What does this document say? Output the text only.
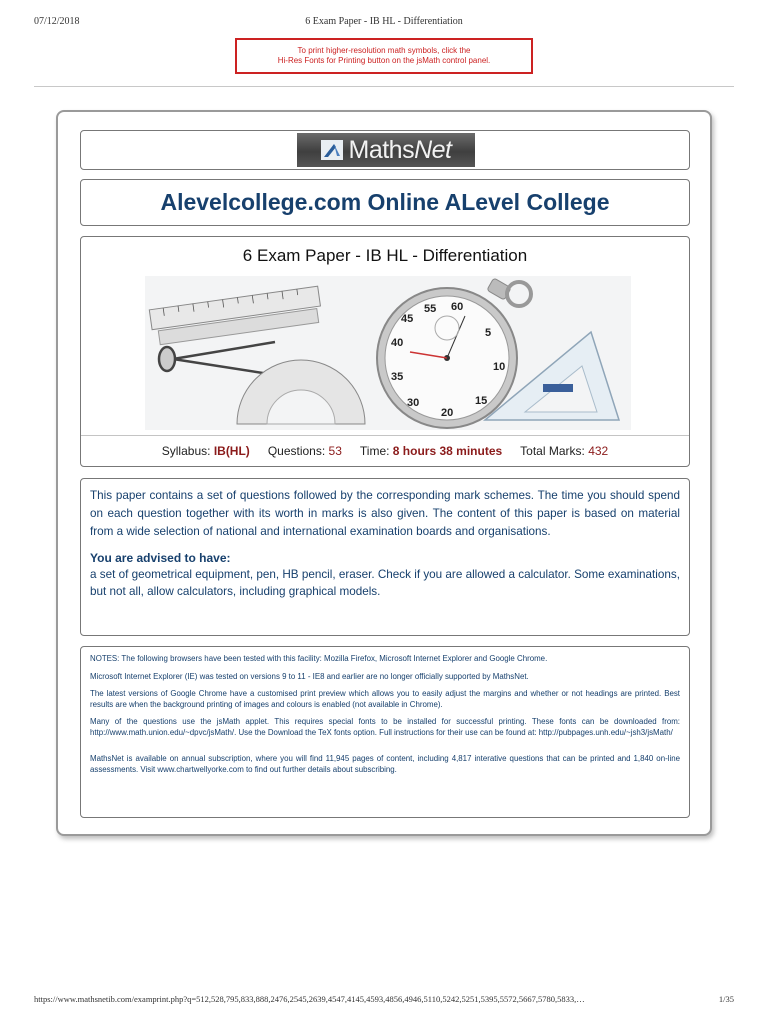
07/12/2018	6 Exam Paper - IB HL - Differentiation
To print higher-resolution math symbols, click the
Hi-Res Fonts for Printing button on the jsMath control panel.
MathsNet
Alevelcollege.com Online ALevel College
6 Exam Paper - IB HL - Differentiation
55 60
5
10
15
20
30
35
40
45
Syllabus: IB(HL) Questions: 53 Time: 8 hours 38 minutes Total Marks: 432

This paper contains a set of questions followed by the corresponding mark schemes. The time you should spend on each question together with its worth in marks is also given. The content of this paper is based on material from a wide selection of national and international examination boards and organisations.

You are advised to have:

a set of geometrical equipment, pen, HB pencil, eraser. Check if you are allowed a calculator. Some examinations, but not all, allow calculators, including graphical models.

NOTES: The following browsers have been tested with this facility: Mozilla Firefox, Microsoft Internet Explorer and Google Chrome.

Microsoft Internet Explorer (IE) was tested on versions 9 to 11 - IE8 and earlier are no longer officially supported by MathsNet.

The latest versions of Google Chrome have a customised print preview which allows you to easily adjust the margins and whether or not headings are printed. Best results are when the background printing of images and colours is enabled (not available in Chrome).

Many of the questions use the jsMath applet. This requires special fonts to be installed for successful printing. These fonts can be downloaded from: http://www.math.union.edu/~dpvc/jsMath/. Use the Download the TeX fonts option. Full instructions for their use can be found at: http://pubpages.unh.edu/~jsh3/jsMath/

MathsNet is available on annual subscription, where you will find 11,945 pages of content, including 4,817 interative questions that can be printed and 1,840 on-line assessments. Visit www.chartwellyorke.com to find out further details about subscribing.

https://www.mathsnetib.com/examprint.php?q=512,528,795,833,888,2476,2545,2639,4547,4145,4593,4856,4946,5110,5242,5251,5395,5572,5667,5780,5833,…	1/35
